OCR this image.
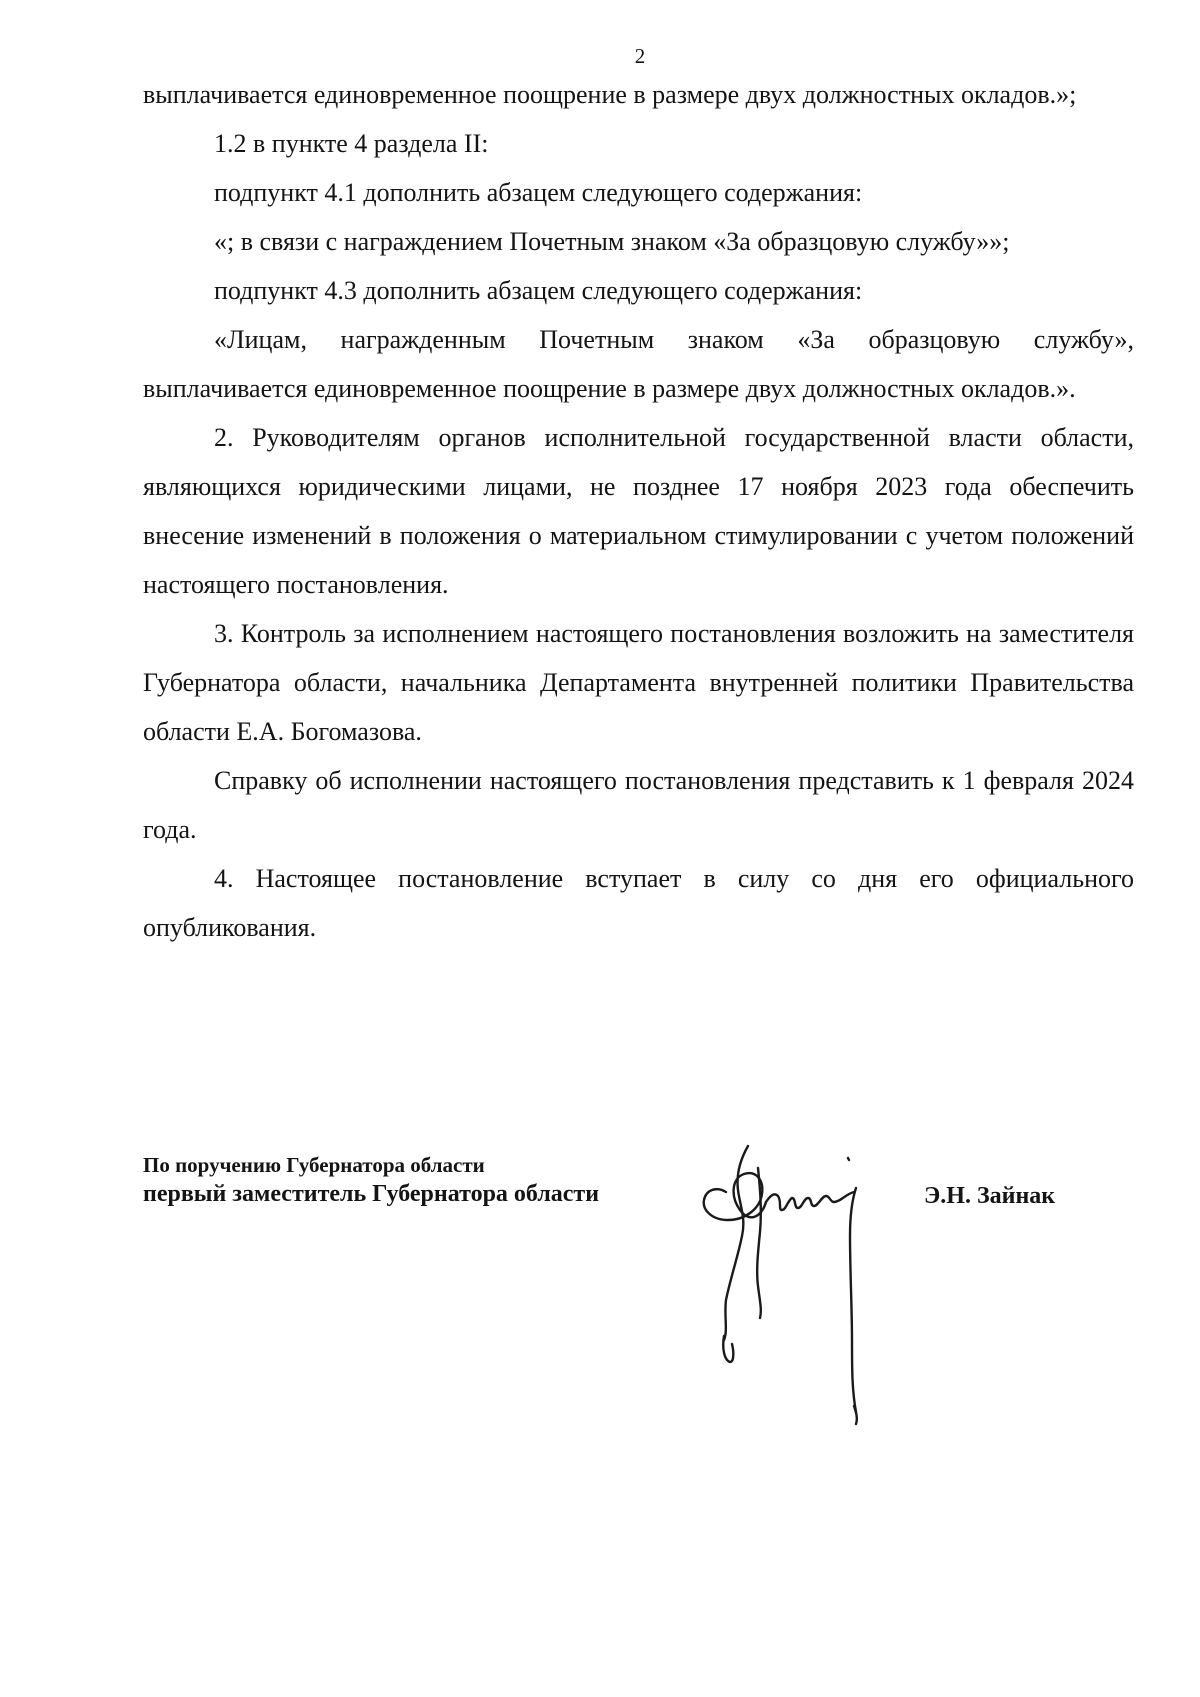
2

выплачивается единовременное поощрение в размере двух должностных окладов.»;

1.2 в пункте 4 раздела II:

подпункт 4.1 дополнить абзацем следующего содержания:

«; в связи с награждением Почетным знаком «За образцовую службу»»;

подпункт 4.3 дополнить абзацем следующего содержания:

«Лицам, награжденным Почетным знаком «За образцовую службу», выплачивается единовременное поощрение в размере двух должностных окладов.».

2. Руководителям органов исполнительной государственной власти области, являющихся юридическими лицами, не позднее 17 ноября 2023 года обеспечить внесение изменений в положения о материальном стимулировании с учетом положений настоящего постановления.

3. Контроль за исполнением настоящего постановления возложить на заместителя Губернатора области, начальника Департамента внутренней политики Правительства области Е.А. Богомазова.

Справку об исполнении настоящего постановления представить к 1 февраля 2024 года.

4. Настоящее постановление вступает в силу со дня его официального опубликования.

По поручению Губернатора области
первый заместитель Губернатора области	Э.Н. Зайнак
